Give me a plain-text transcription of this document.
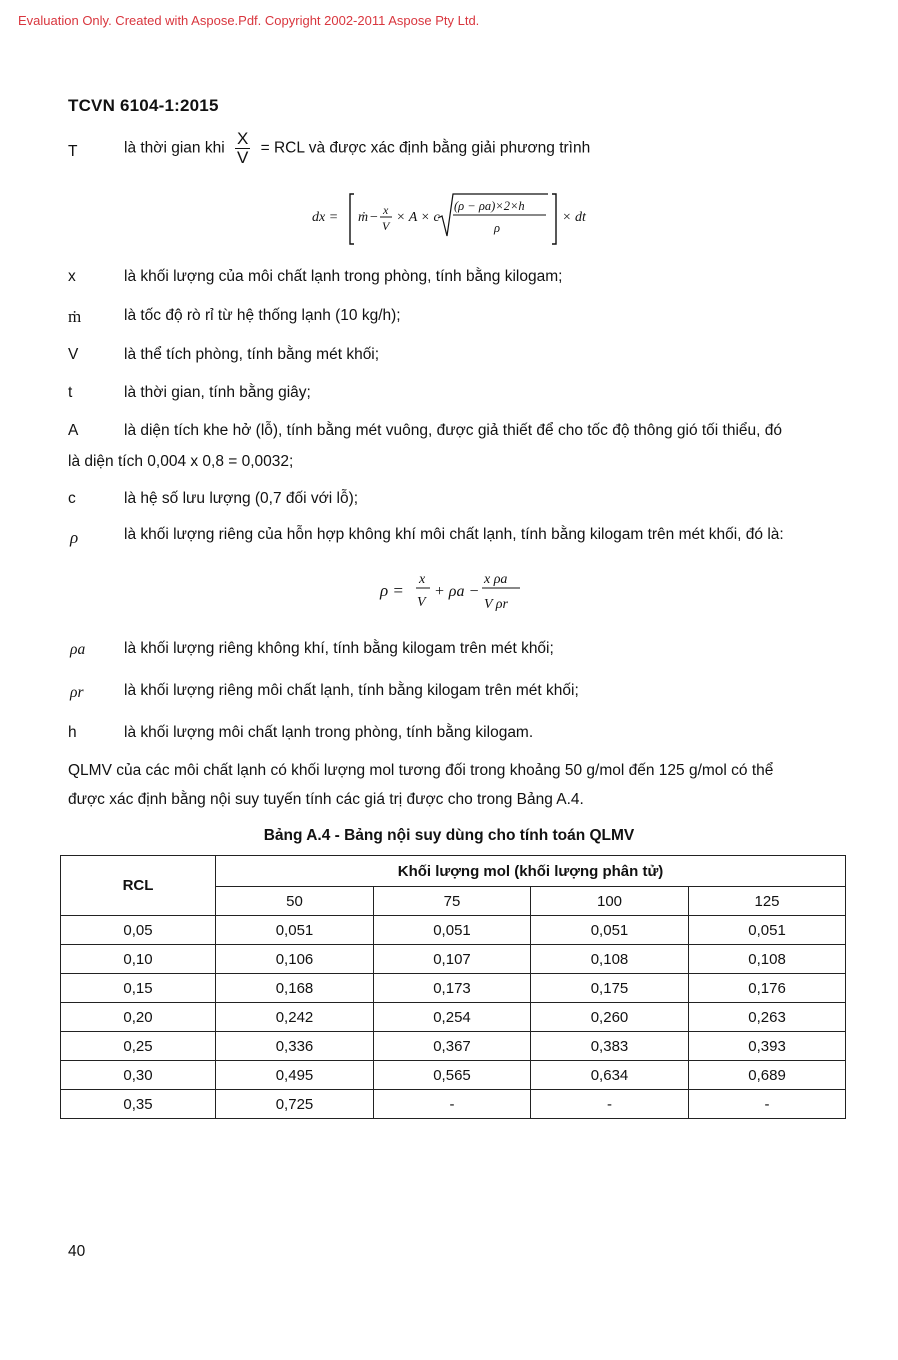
Evaluation Only. Created with Aspose.Pdf. Copyright 2002-2011 Aspose Pty Ltd.
TCVN 6104-1:2015
T	là thời gian khi $\frac{X}{V}$ = RCL và được xác định bằng giải phương trình
dx = ṁ − x
V
× A × c
(ρ − ρa)×2×h
ρ
× dt
x	là khối lượng của môi chất lạnh trong phòng, tính bằng kilogam;
ṁ	là tốc độ rò rỉ từ hệ thống lạnh (10 kg/h);
V	là thể tích phòng, tính bằng mét khối;
t	là thời gian, tính bằng giây;
A	là diện tích khe hở (lỗ), tính bằng mét vuông, được giả thiết để cho tốc độ thông gió tối thiểu, đó
là diện tích 0,004 x 0,8 = 0,0032;
c	là hệ số lưu lượng (0,7 đối với lỗ);
ρ	là khối lượng riêng của hỗn hợp không khí môi chất lạnh, tính bằng kilogam trên mét khối, đó là:
ρ =
x
V
+ ρa −
x ρa
V ρr
ρa	là khối lượng riêng không khí, tính bằng kilogam trên mét khối;
ρr	là khối lượng riêng môi chất lạnh, tính bằng kilogam trên mét khối;
h	là khối lượng môi chất lạnh trong phòng, tính bằng kilogam.
QLMV của các môi chất lạnh có khối lượng mol tương đối trong khoảng 50 g/mol đến 125 g/mol có thể
được xác định bằng nội suy tuyến tính các giá trị được cho trong Bảng A.4.
Bảng A.4 - Bảng nội suy dùng cho tính toán QLMV
RCL	Khối lượng mol (khối lượng phân tử)			
	50	75	100	125
0,05	0,051	0,051	0,051	0,051
0,10	0,106	0,107	0,108	0,108
0,15	0,168	0,173	0,175	0,176
0,20	0,242	0,254	0,260	0,263
0,25	0,336	0,367	0,383	0,393
0,30	0,495	0,565	0,634	0,689
0,35	0,725	-	-	-
40
